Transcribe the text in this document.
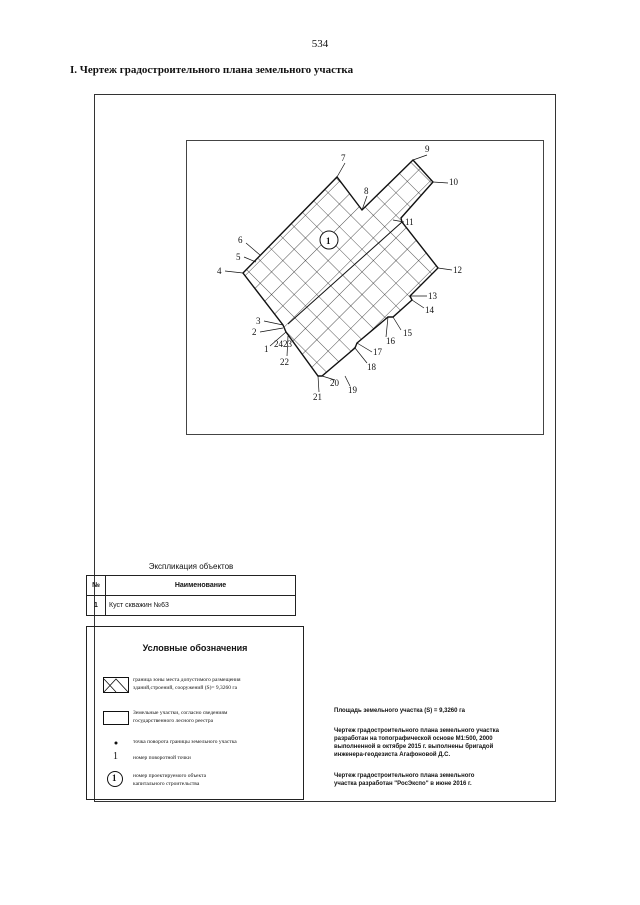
534
I. Чертеж градостроительного плана земельного участка
1
7
8
9
10
11
12
13
14
15
16
17
18
19
20
21
4
5
6
3
2
1 24 23
22
Экспликация объектов
№	Наименование
1	Куст скважин №63
Условные обозначения
граница зоны места допустимого размещения
зданий,строений, сооружений (S)= 9,3260 га
Земельные участки, согласно сведениям
государственного лесного реестра
точка поворота границы земельного участка
1	номер поворотной точки
1	номер проектируемого объекта
капитального строительства
Площадь земельного участка (S) = 9,3260 га
Чертеж градостроительного плана земельного участка
разработан на топографической основе М1:500, 2000
выполненной в октябре 2015 г. выполнены бригадой
инженера-геодезиста Агафоновой Д.С.
Чертеж градостроительного плана земельного
участка разработан "РосЭкспо" в июне 2016 г.
